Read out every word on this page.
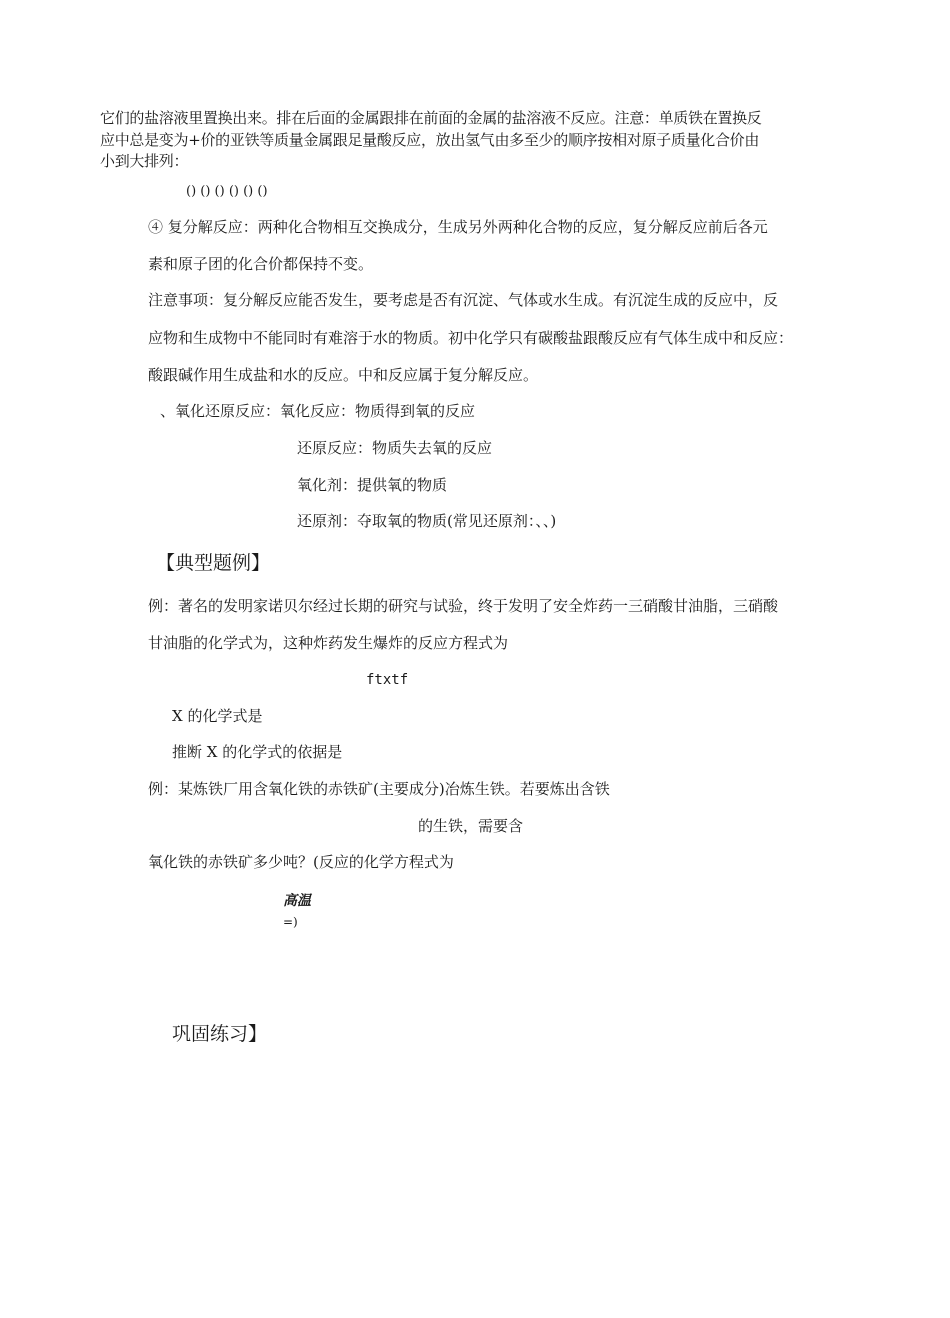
它们的盐溶液里置换出来。排在后面的金属跟排在前面的金属的盐溶液不反应。注意：单质铁在置换反
应中总是变为+价的亚铁等质量金属跟足量酸反应，放出氢气由多至少的顺序按相对原子质量化合价由
小到大排列：
() () () () () ()
④ 复分解反应：两种化合物相互交换成分，生成另外两种化合物的反应，复分解反应前后各元
素和原子团的化合价都保持不变。
注意事项：复分解反应能否发生，要考虑是否有沉淀、气体或水生成。有沉淀生成的反应中，反
应物和生成物中不能同时有难溶于水的物质。初中化学只有碳酸盐跟酸反应有气体生成中和反应：
酸跟碱作用生成盐和水的反应。中和反应属于复分解反应。
、氧化还原反应：氧化反应：物质得到氧的反应
还原反应：物质失去氧的反应
氧化剂：提供氧的物质
还原剂：夺取氧的物质(常见还原剂：、、)
【典型题例】
例：著名的发明家诺贝尔经过长期的研究与试验，终于发明了安全炸药一三硝酸甘油脂，三硝酸
甘油脂的化学式为，这种炸药发生爆炸的反应方程式为
ftxtf
X 的化学式是
推断 X 的化学式的依据是
例：某炼铁厂用含氧化铁的赤铁矿(主要成分)冶炼生铁。若要炼出含铁
的生铁，需要含
氧化铁的赤铁矿多少吨？(反应的化学方程式为
高温
=)
巩固练习】
